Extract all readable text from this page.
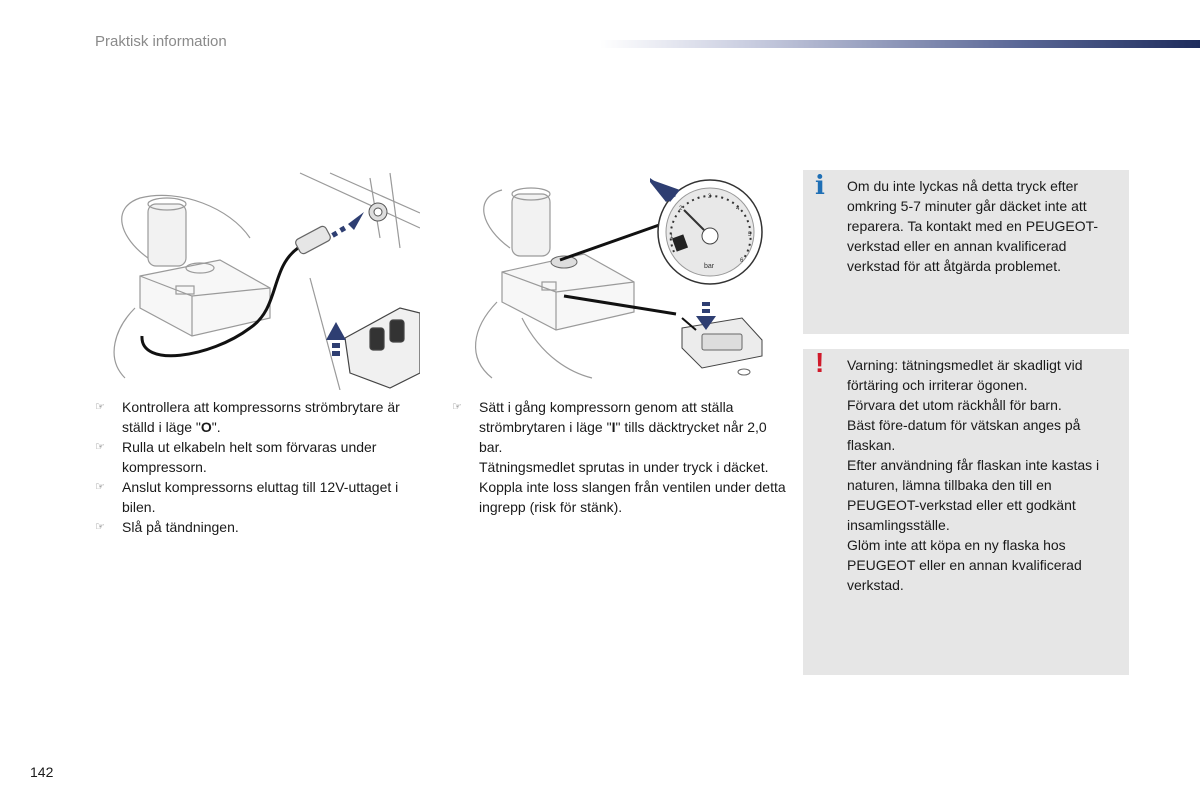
Praktisk information
1
2
3
4
5
6
bar
☞ Kontrollera att kompressorns strömbrytare är ställd i läge "O".
☞ Rulla ut elkabeln helt som förvaras under kompressorn.
☞ Anslut kompressorns eluttag till 12V-uttaget i bilen.
☞ Slå på tändningen.
☞ Sätt i gång kompressorn genom att ställa strömbrytaren i läge "I" tills däcktrycket når 2,0 bar.
Tätningsmedlet sprutas in under tryck i däcket. Koppla inte loss slangen från ventilen under detta ingrepp (risk för stänk).
i Om du inte lyckas nå detta tryck efter omkring 5-7 minuter går däcket inte att reparera. Ta kontakt med en PEUGEOT-verkstad eller en annan kvalificerad verkstad för att åtgärda problemet.

! Varning: tätningsmedlet är skadligt vid förtäring och irriterar ögonen.

Förvara det utom räckhåll för barn.

Bäst före-datum för vätskan anges på flaskan.

Efter användning får flaskan inte kastas i naturen, lämna tillbaka den till en PEUGEOT-verkstad eller ett godkänt insamlingsställe.

Glöm inte att köpa en ny flaska hos PEUGEOT eller en annan kvalificerad verkstad.

142
